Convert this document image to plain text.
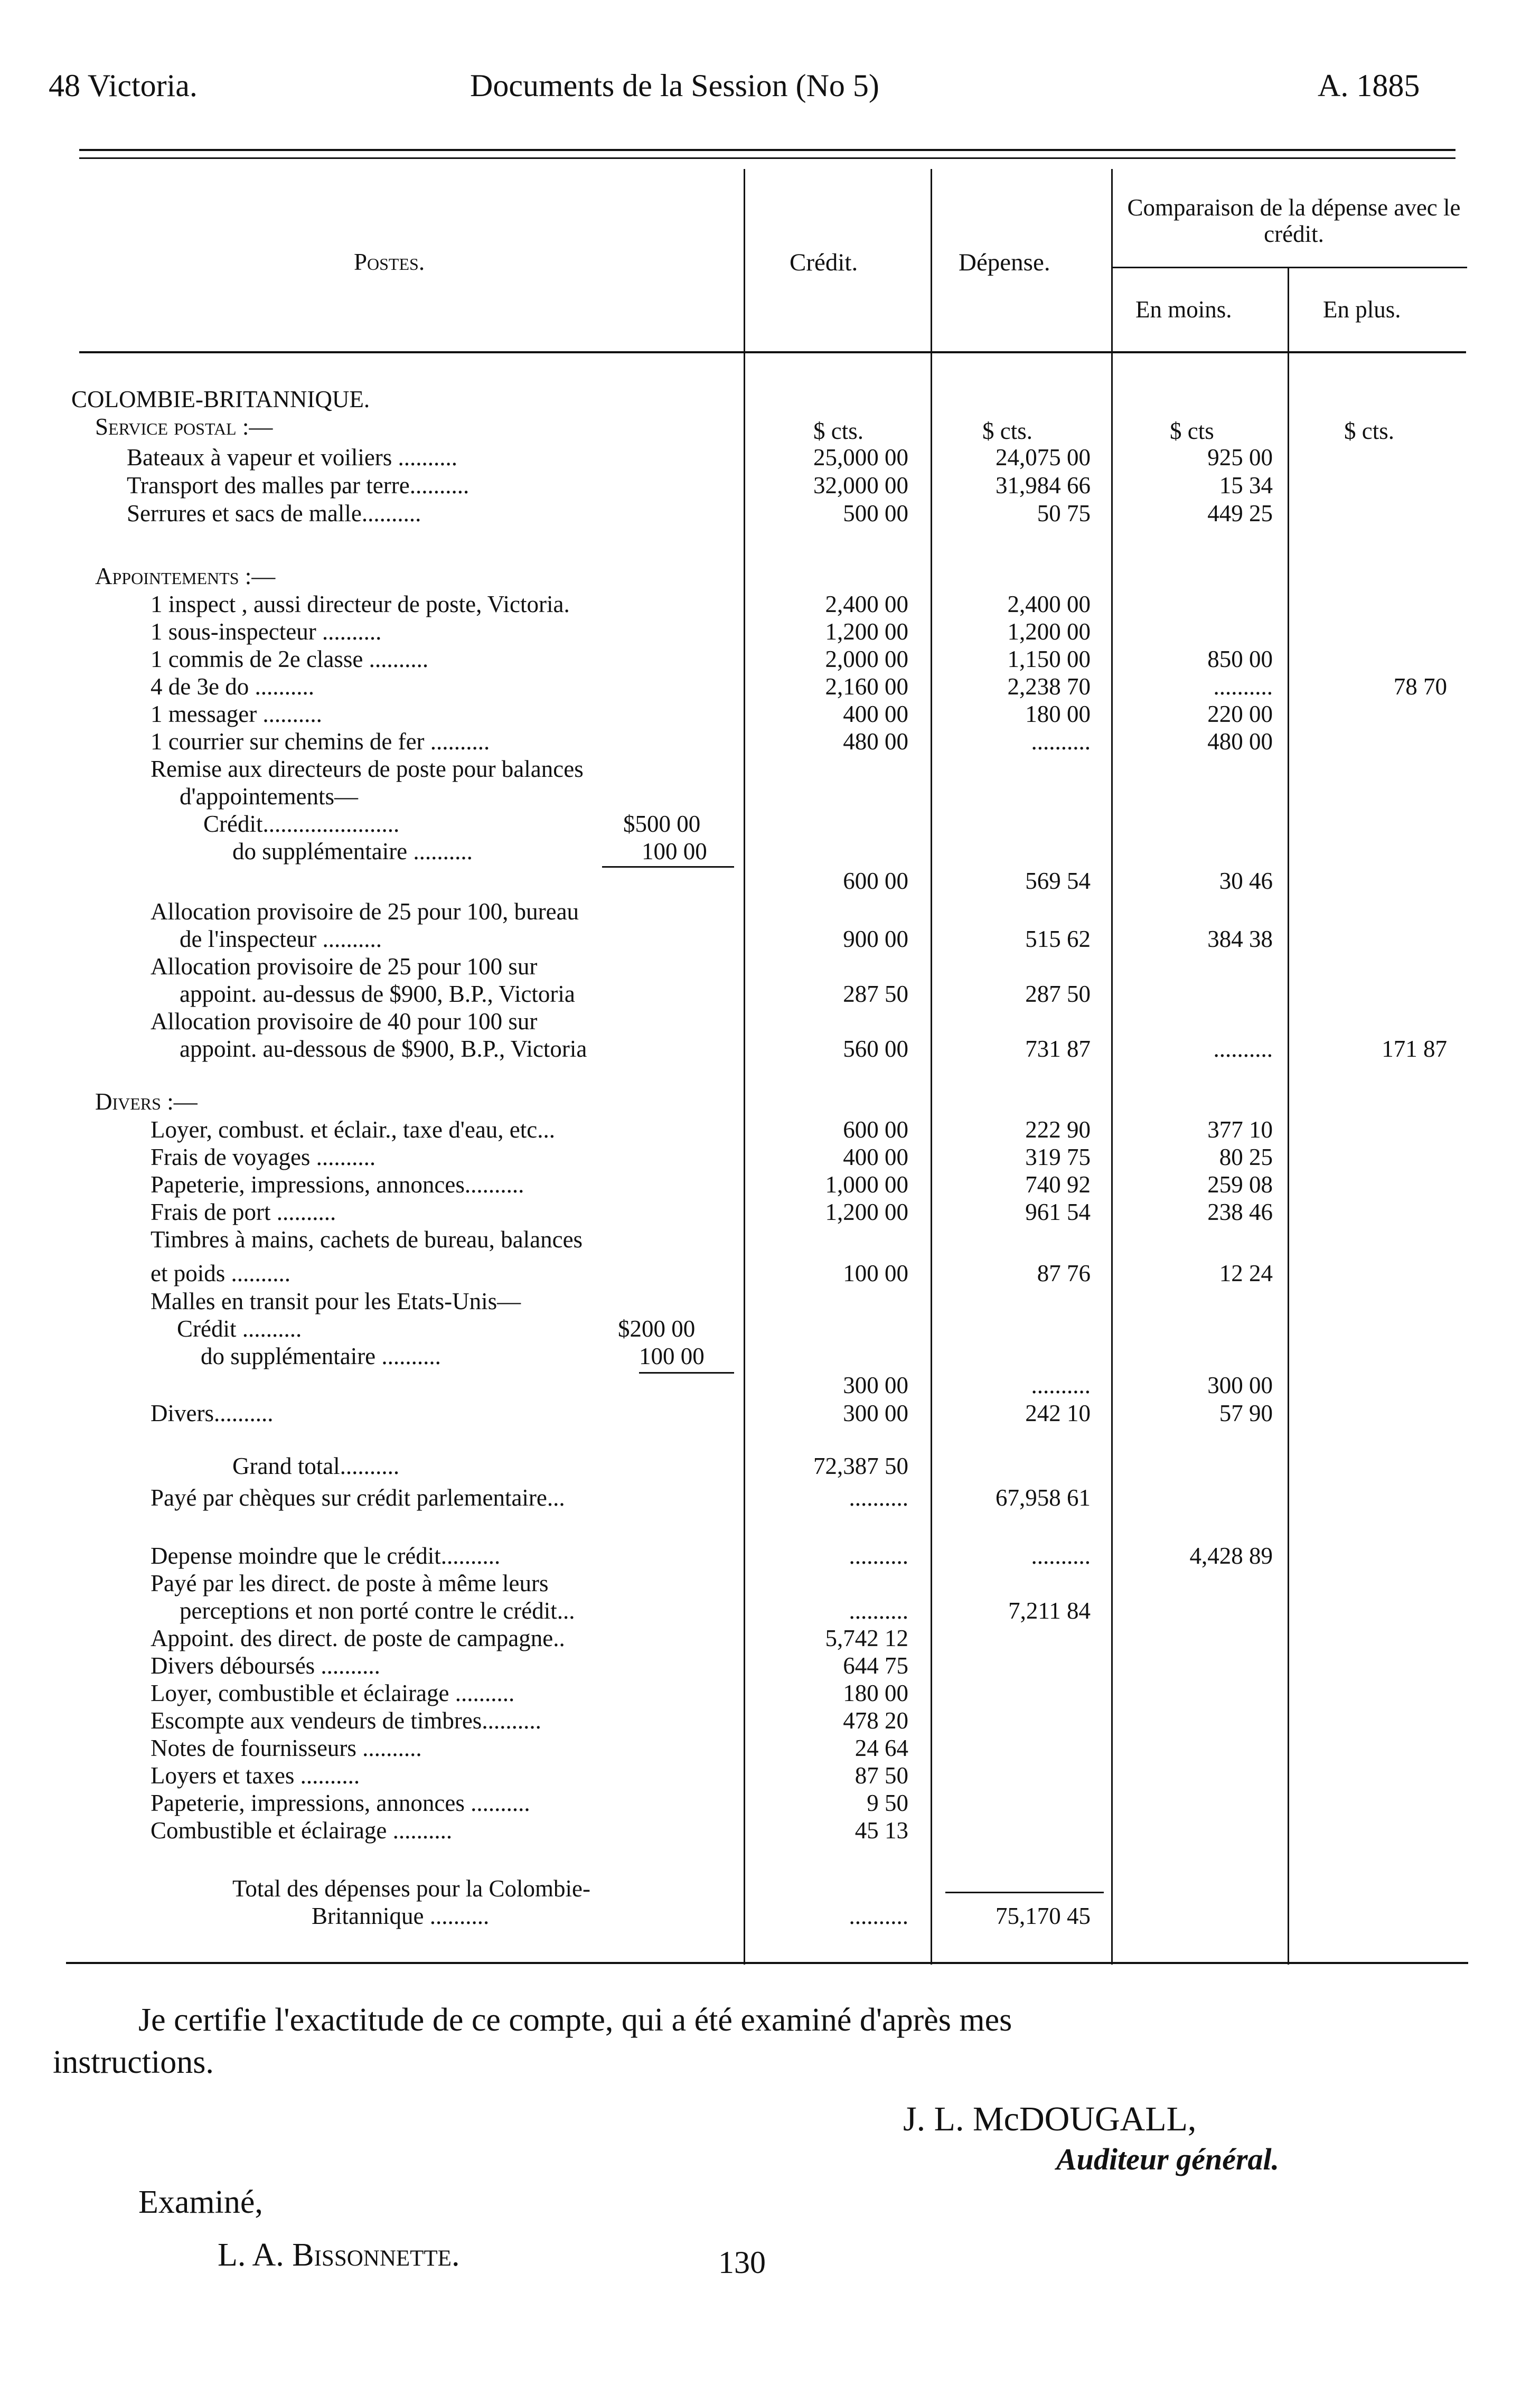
48 Victoria.	Documents de la Session (No 5)	A. 1885
Postes.	Crédit.	Dépense.
Comparaison de la dépense avec le crédit.
En moins.	En plus.
COLOMBIE-BRITANNIQUE.
Service postal :—	$ cts.	$ cts.	$ cts	$ cts.
Bateaux à vapeur et voiliers ..........	25,000 00	24,075 00	925 00
Transport des malles par terre..........	32,000 00	31,984 66	15 34
Serrures et sacs de malle..........	500 00	50 75	449 25
Appointements :—
1 inspect , aussi directeur de poste, Victoria.	2,400 00	2,400 00
1 sous-inspecteur ..........	1,200 00	1,200 00
1 commis de 2e classe ..........	2,000 00	1,150 00	850 00
4 de 3e do ..........	2,160 00	2,238 70	..........	78 70
1 messager ..........	400 00	180 00	220 00
1 courrier sur chemins de fer ..........	480 00	..........	480 00
Remise aux directeurs de poste pour balances
d'appointements—
Crédit.......................	$500 00
do supplémentaire ..........	100 00
600 00	569 54	30 46
Allocation provisoire de 25 pour 100, bureau
de l'inspecteur ..........	900 00	515 62	384 38
Allocation provisoire de 25 pour 100 sur
appoint. au-dessus de $900, B.P., Victoria	287 50	287 50
Allocation provisoire de 40 pour 100 sur
appoint. au-dessous de $900, B.P., Victoria	560 00	731 87	..........	171 87
Divers :—
Loyer, combust. et éclair., taxe d'eau, etc...	600 00	222 90	377 10
Frais de voyages ..........	400 00	319 75	80 25
Papeterie, impressions, annonces..........	1,000 00	740 92	259 08
Frais de port ..........	1,200 00	961 54	238 46
Timbres à mains, cachets de bureau, balances
et poids ..........	100 00	87 76	12 24
Malles en transit pour les Etats-Unis—
Crédit ..........	$200 00
do supplémentaire ..........	100 00
300 00	..........	300 00
Divers..........	300 00	242 10	57 90
Grand total..........	72,387 50
Payé par chèques sur crédit parlementaire...	..........	67,958 61
Depense moindre que le crédit..........	..........	..........	4,428 89
Payé par les direct. de poste à même leurs
perceptions et non porté contre le crédit...	..........	7,211 84
Appoint. des direct. de poste de campagne..	5,742 12
Divers déboursés ..........	644 75
Loyer, combustible et éclairage ..........	180 00
Escompte aux vendeurs de timbres..........	478 20
Notes de fournisseurs ..........	24 64
Loyers et taxes ..........	87 50
Papeterie, impressions, annonces ..........	9 50
Combustible et éclairage ..........	45 13
Total des dépenses pour la Colombie-
Britannique ..........	..........	75,170 45
Je certifie l'exactitude de ce compte, qui a été examiné d'après mes
instructions.
J. L. McDOUGALL,
Auditeur général.
Examiné,
L. A. Bissonnette.	130
